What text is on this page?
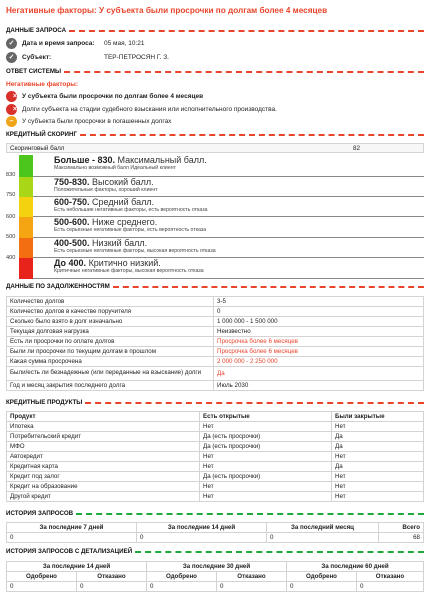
Негативные факторы: У субъекта были просрочки по долгам более 4 месяцев
ДАННЫЕ ЗАПРОСА
✓	Дата и время запроса:	05 мая, 10:21
✓	Субъект:	ТЕР-ПЕТРОСЯН Г. З.
ОТВЕТ СИСТЕМЫ
Негативные факторы:
× У субъекта были просрочки по долгам более 4 месяцев
× Долги субъекта на стадии судебного взыскания или исполнительного производства.
–	У субъекта были просрочки в погашенных долгах
КРЕДИТНЫЙ СКОРИНГ
Скоринговый балл	82
830
750
600
500
400
Больше - 830. Максимальный балл.
Максимально возможный балл Идеальный клиент
750-830. Высокий балл.
Положительные факторы, хороший клиент
600-750. Средний балл.
Есть небольшие негативные факторы, есть вероятность отказа
500-600. Ниже среднего.
Есть серьезные негативные факторы, есть вероятность отказа
400-500. Низкий балл.
Есть серьезные негативные факторы, высокая вероятность отказа
До 400. Критично низкий.
Критичные негативные факторы, высокая вероятность отказа
ДАННЫЕ ПО ЗАДОЛЖЕННОСТЯМ
Количество долгов	3-5
Количество долгов в качестве поручителя	0
Сколько было взято в долг изначально	1 000 000 - 1 500 000
Текущая долговая нагрузка	Неизвестно
Есть ли просрочки по оплате долгов	Просрочка более 6 месяцев
Были ли просрочки по текущим долгам в прошлом	Просрочка более 6 месяцев
Какая сумма просрочена	2 000 000 - 2 250 000
Были/есть ли безнадежные (или переданные на взыскание) долги	Да
Год и месяц закрытия последнего долга	Июль 2030
КРЕДИТНЫЕ ПРОДУКТЫ
Продукт	Есть открытые	Были закрытые
Ипотека	Нет	Нет
Потребительский кредит	Да (есть просрочки)	Да
МФО	Да (есть просрочки)	Да
Автокредит	Нет	Нет
Кредитная карта	Нет	Да
Кредит под залог	Да (есть просрочки)	Нет
Кредит на образование	Нет	Нет
Другой кредит	Нет	Нет
ИСТОРИЯ ЗАПРОСОВ
За последние 7 дней	За последние 14 дней	За последний месяц	Всего
0	0	0	68
ИСТОРИЯ ЗАПРОСОВ С ДЕТАЛИЗАЦИЕЙ
За последние 14 дней		За последние 30 дней		За последние 60 дней	
Одобрено	Отказано	Одобрено	Отказано	Одобрено	Отказано
0	0	0	0	0	0
